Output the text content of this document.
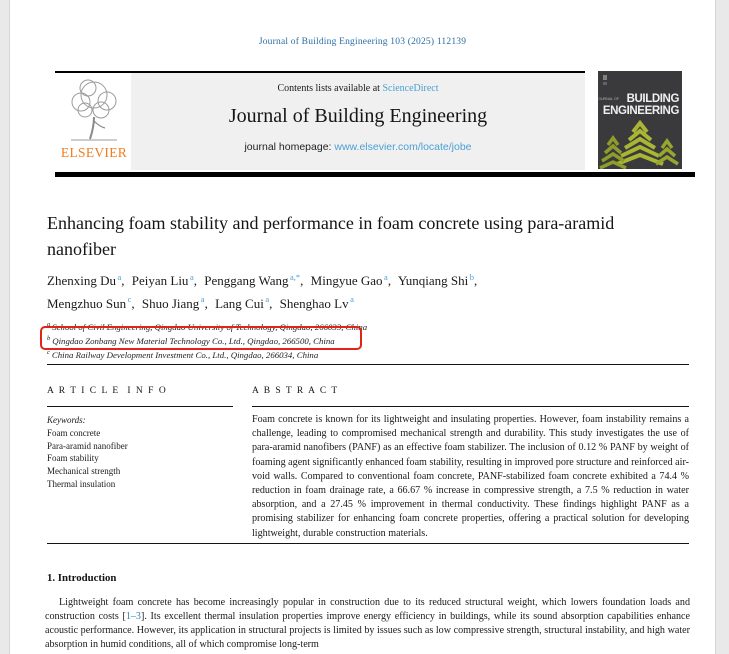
Journal of Building Engineering 103 (2025) 112139
ELSEVIER
Contents lists available at ScienceDirect
Journal of Building Engineering
journal homepage: www.elsevier.com/locate/jobe
JOURNAL OF BUILDING
ENGINEERING
Enhancing foam stability and performance in foam concrete using para-aramid nanofiber
Zhenxing Du $^a$, Peiyan Liu $^a$, Penggang Wang $^{a,*}$, Mingyue Gao $^a$, Yunqiang Shi $^b$,
Mengzhuo Sun $^c$, Shuo Jiang $^a$, Lang Cui $^a$, Shenghao Lv $^a$
$^a$ School of Civil Engineering, Qingdao University of Technology, Qingdao, 266033, China
$^b$ Qingdao Zonbang New Material Technology Co., Ltd., Qingdao, 266500, China
$^c$ China Railway Development Investment Co., Ltd., Qingdao, 266034, China
A R T I C L E  I N F O	A B S T R A C T
Keywords:
Foam concrete
Para-aramid nanofiber
Foam stability
Mechanical strength
Thermal insulation
Foam concrete is known for its lightweight and insulating properties. However, foam instability remains a challenge, leading to compromised mechanical strength and durability. This study investigates the use of para-aramid nanofibers (PANF) as an effective foam stabilizer. The inclusion of 0.12 % PANF by weight of foaming agent significantly enhanced foam stability, resulting in improved pore structure and reinforced air-void walls. Compared to conventional foam concrete, PANF-stabilized foam concrete exhibited a 74.4 % reduction in foam drainage rate, a 66.67 % increase in compressive strength, a 7.5 % reduction in water absorption, and a 27.45 % improvement in thermal conductivity. These findings highlight PANF as a promising stabilizer for enhancing foam concrete properties, offering a practical solution for developing lightweight, durable construction materials.
1. Introduction
Lightweight foam concrete has become increasingly popular in construction due to its reduced structural weight, which lowers foundation loads and construction costs [1–3]. Its excellent thermal insulation properties improve energy efficiency in buildings, while its sound absorption capabilities enhance acoustic performance. However, its application in structural projects is limited by issues such as low compressive strength, structural instability, and high water absorption in humid conditions, all of which compromise long-term
